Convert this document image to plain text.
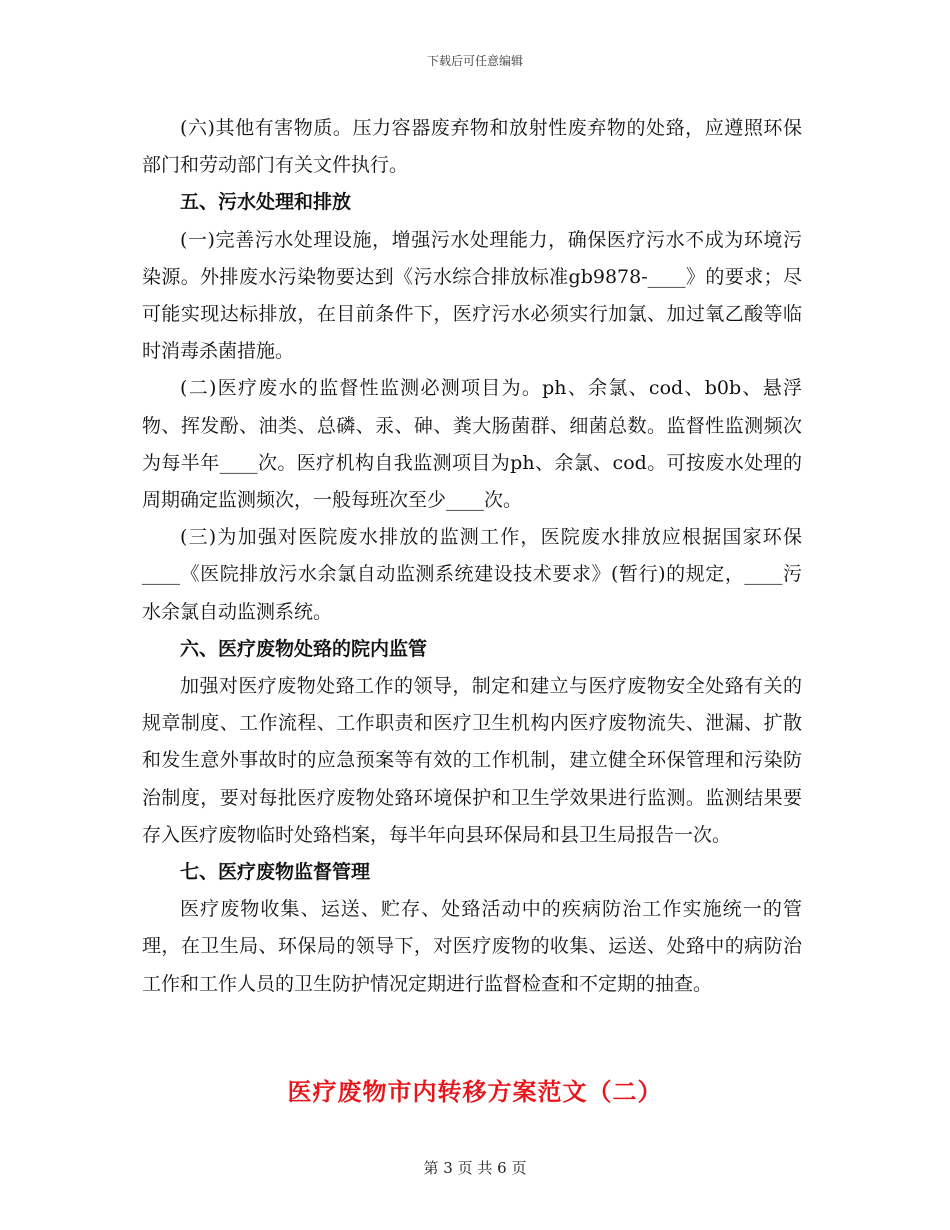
下载后可任意编辑

(六)其他有害物质。压力容器废弃物和放射性废弃物的处臵，应遵照环保部门和劳动部门有关文件执行。

五、污水处理和排放

(一)完善污水处理设施，增强污水处理能力，确保医疗污水不成为环境污染源。外排废水污染物要达到《污水综合排放标准gb9878-____》的要求；尽可能实现达标排放，在目前条件下，医疗污水必须实行加氯、加过氧乙酸等临时消毒杀菌措施。

(二)医疗废水的监督性监测必测项目为。ph、余氯、cod、b0b、悬浮物、挥发酚、油类、总磷、汞、砷、粪大肠菌群、细菌总数。监督性监测频次为每半年____次。医疗机构自我监测项目为ph、余氯、cod。可按废水处理的周期确定监测频次，一般每班次至少____次。

(三)为加强对医院废水排放的监测工作，医院废水排放应根据国家环保____《医院排放污水余氯自动监测系统建设技术要求》(暂行)的规定，____污水余氯自动监测系统。

六、医疗废物处臵的院内监管

加强对医疗废物处臵工作的领导，制定和建立与医疗废物安全处臵有关的规章制度、工作流程、工作职责和医疗卫生机构内医疗废物流失、泄漏、扩散和发生意外事故时的应急预案等有效的工作机制，建立健全环保管理和污染防治制度，要对每批医疗废物处臵环境保护和卫生学效果进行监测。监测结果要存入医疗废物临时处臵档案，每半年向县环保局和县卫生局报告一次。

七、医疗废物监督管理

医疗废物收集、运送、贮存、处臵活动中的疾病防治工作实施统一的管理，在卫生局、环保局的领导下，对医疗废物的收集、运送、处臵中的病防治工作和工作人员的卫生防护情况定期进行监督检查和不定期的抽查。

医疗废物市内转移方案范文（二）
第 3 页 共 6 页
